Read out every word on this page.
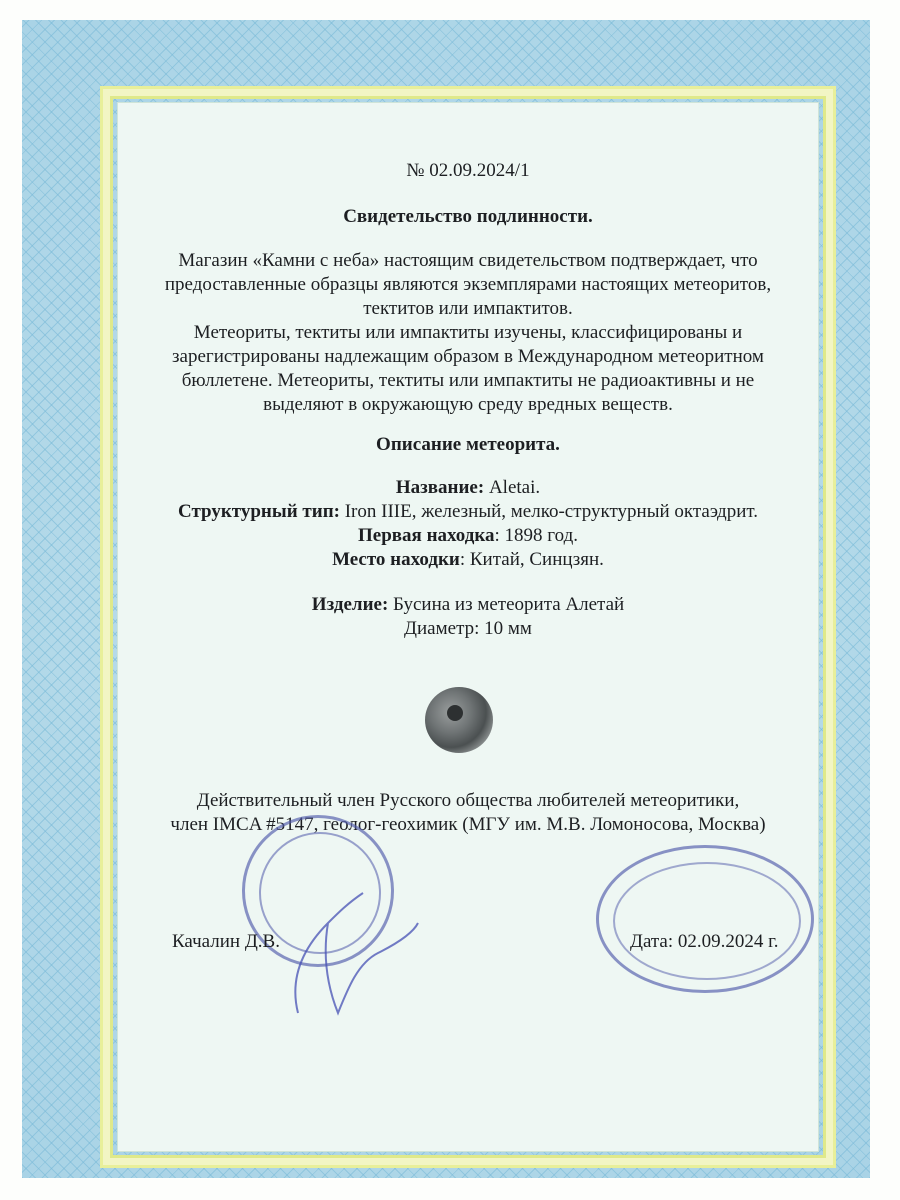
№ 02.09.2024/1
Свидетельство подлинности.
Магазин «Камни с неба» настоящим свидетельством подтверждает, что
предоставленные образцы являются экземплярами настоящих метеоритов,
тектитов или импактитов.
Метеориты, тектиты или импактиты изучены, классифицированы и
зарегистрированы надлежащим образом в Международном метеоритном
бюллетене. Метеориты, тектиты или импактиты не радиоактивны и не
выделяют в окружающую среду вредных веществ.
Описание метеорита.
Название: Aletai.
Структурный тип: Iron IIIE, железный, мелко-структурный октаэдрит.
Первая находка: 1898 год.
Место находки: Китай, Синцзян.
Изделие: Бусина из метеорита Алетай
Диаметр: 10 мм
Действительный член Русского общества любителей метеоритики,
член IMCA #5147, геолог-геохимик (МГУ им. М.В. Ломоносова, Москва)
Качалин Д.В.	Дата: 02.09.2024 г.
